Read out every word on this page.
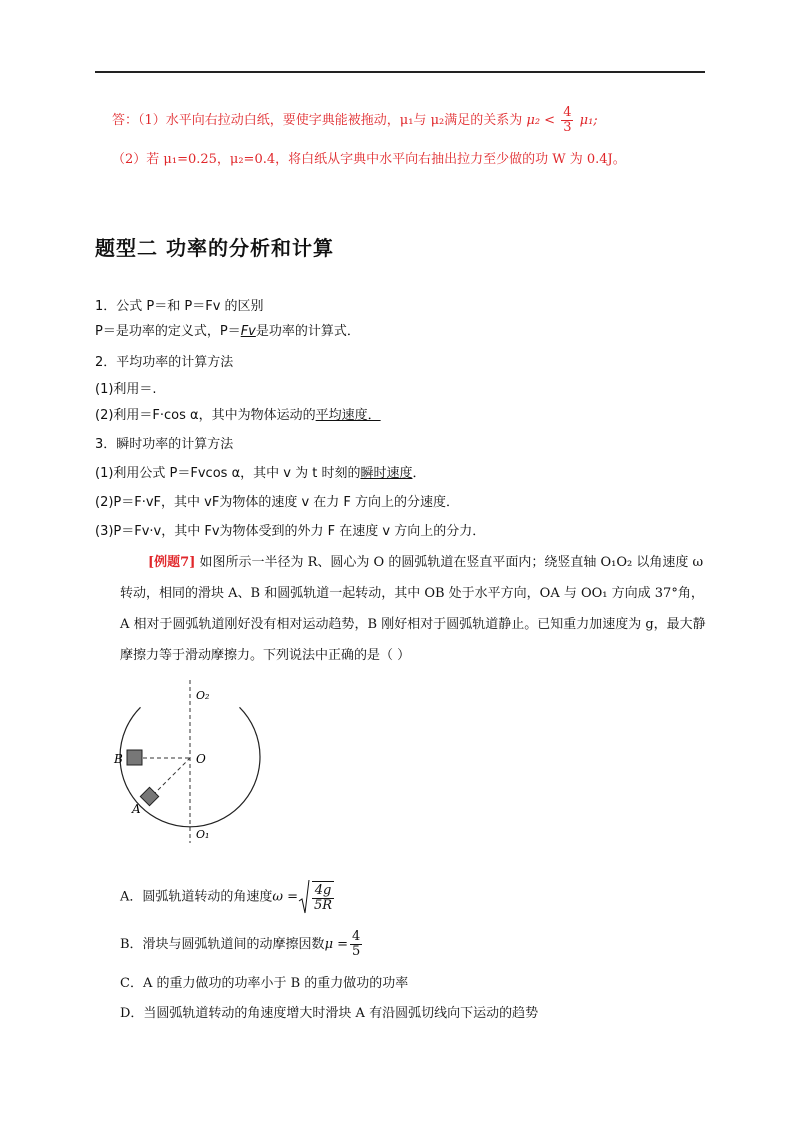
答：（1）水平向右拉动白纸，要使字典能被拖动，μ₁与 μ₂满足的关系为 $\mu_2 < \frac{4}{3} \mu_1$;
（2）若 μ₁=0.25，μ₂=0.4，将白纸从字典中水平向右抽出拉力至少做的功 W 为 0.4J。
题型二 功率的分析和计算
1．公式 P＝和 P＝Fv 的区别
P＝是功率的定义式，P＝Fv是功率的计算式．
2．平均功率的计算方法
(1)利用＝.
(2)利用＝F·cos α，其中为物体运动的平均速度．
3．瞬时功率的计算方法
(1)利用公式 P＝Fvcos α，其中 v 为 t 时刻的瞬时速度．
(2)P＝F·vF，其中 vF为物体的速度 v 在力 F 方向上的分速度．
(3)P＝Fv·v，其中 Fv为物体受到的外力 F 在速度 v 方向上的分力．
[例题7] 如图所示一半径为 R、圆心为 O 的圆弧轨道在竖直平面内；绕竖直轴 O₁O₂ 以角速度 ω 转动，相同的滑块 A、B 和圆弧轨道一起转动，其中 OB 处于水平方向，OA 与 OO₁ 方向成 37°角，A 相对于圆弧轨道刚好没有相对运动趋势，B 刚好相对于圆弧轨道静止。已知重力加速度为 g，最大静摩擦力等于滑动摩擦力。下列说法中正确的是（ ）
O₂
O
B
A
O₁
A．圆弧轨道转动的角速度$\omega = \frac{4g}{5R}$
B．滑块与圆弧轨道间的动摩擦因数$\mu = \frac{4}{5}$
C．A 的重力做功的功率小于 B 的重力做功的功率
D．当圆弧轨道转动的角速度增大时滑块 A 有沿圆弧切线向下运动的趋势
